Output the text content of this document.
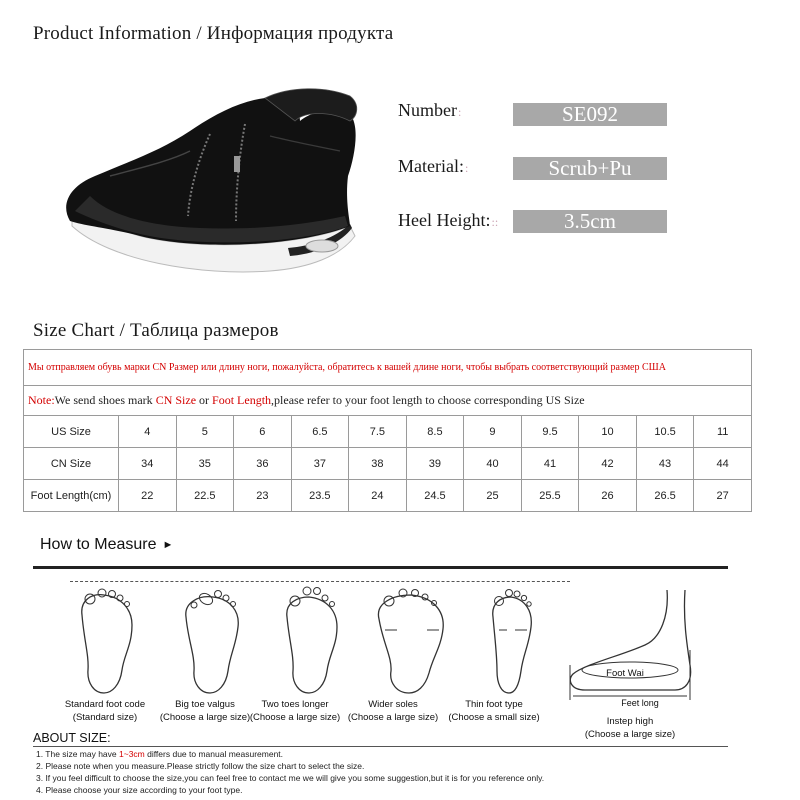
Product Information / Информация продукта
Number:	SE092
Material::	Scrub+Pu
Heel Height:::	3.5cm
Size Chart / Таблица размеров
Мы отправляем обувь марки CN Размер или длину ноги, пожалуйста, обратитесь к вашей длине ноги, чтобы выбрать соответствующий размер США											
Note:We send shoes mark CN Size or Foot Length,please refer to your foot length to choose corresponding US Size											
US Size	4	5	6	6.5	7.5	8.5	9	9.5	10	10.5	11
CN Size	34	35	36	37	38	39	40	41	42	43	44
Foot Length(cm)	22	22.5	23	23.5	24	24.5	25	25.5	26	26.5	27
How to Measure ►
Foot Wai
Feet long
Standard foot code
(Standard size)
Big toe valgus
(Choose a large size)
Two toes longer
(Choose a large size)
Wider soles
(Choose a large size)
Thin foot type
(Choose a small size)	Instep high
(Choose a large size)
ABOUT SIZE:
1. The size may have 1~3cm differs due to manual measurement.
2. Please note when you measure.Please strictly follow the size chart to select the size.
3. If you feel difficult to choose the size,you can feel free to contact me we will give you some suggestion,but it is for you reference only.
4. Please choose your size according to your foot type.
